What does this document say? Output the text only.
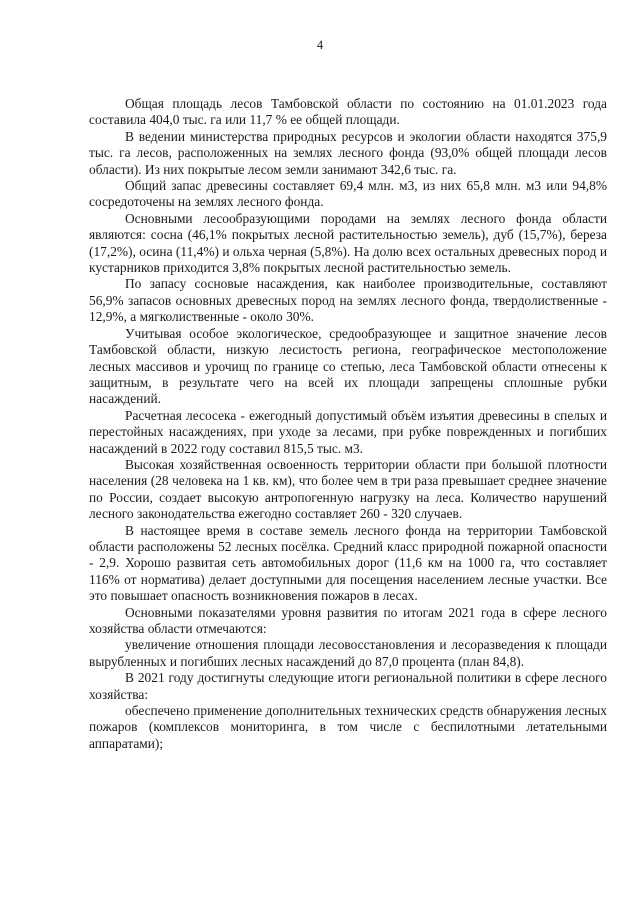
4

Общая площадь лесов Тамбовской области по состоянию на 01.01.2023 года составила 404,0 тыс. га или 11,7 % ее общей площади.

В ведении министерства природных ресурсов и экологии области находятся 375,9 тыс. га лесов, расположенных на землях лесного фонда (93,0% общей площади лесов области). Из них покрытые лесом земли занимают 342,6 тыс. га.

Общий запас древесины составляет 69,4 млн. м3, из них 65,8 млн. м3 или 94,8% сосредоточены на землях лесного фонда.

Основными лесообразующими породами на землях лесного фонда области являются: сосна (46,1% покрытых лесной растительностью земель), дуб (15,7%), береза (17,2%), осина (11,4%) и ольха черная (5,8%). На долю всех остальных древесных пород и кустарников приходится 3,8% покрытых лесной растительностью земель.

По запасу сосновые насаждения, как наиболее производительные, составляют 56,9% запасов основных древесных пород на землях лесного фонда, твердолиственные - 12,9%, а мягколиственные - около 30%.

Учитывая особое экологическое, средообразующее и защитное значение лесов Тамбовской области, низкую лесистость региона, географическое местоположение лесных массивов и урочищ по границе со степью, леса Тамбовской области отнесены к защитным, в результате чего на всей их площади запрещены сплошные рубки насаждений.

Расчетная лесосека - ежегодный допустимый объём изъятия древесины в спелых и перестойных насаждениях, при уходе за лесами, при рубке поврежденных и погибших насаждений в 2022 году составил 815,5 тыс. м3.

Высокая хозяйственная освоенность территории области при большой плотности населения (28 человека на 1 кв. км), что более чем в три раза превышает среднее значение по России, создает высокую антропогенную нагрузку на леса. Количество нарушений лесного законодательства ежегодно составляет 260 - 320 случаев.

В настоящее время в составе земель лесного фонда на территории Тамбовской области расположены 52 лесных посёлка. Средний класс природной пожарной опасности - 2,9. Хорошо развитая сеть автомобильных дорог (11,6 км на 1000 га, что составляет 116% от норматива) делает доступными для посещения населением лесные участки. Все это повышает опасность возникновения пожаров в лесах.

Основными показателями уровня развития по итогам 2021 года в сфере лесного хозяйства области отмечаются:

увеличение отношения площади лесовосстановления и лесоразведения к площади вырубленных и погибших лесных насаждений до 87,0 процента (план 84,8).

В 2021 году достигнуты следующие итоги региональной политики в сфере лесного хозяйства:

обеспечено применение дополнительных технических средств обнаружения лесных пожаров (комплексов мониторинга, в том числе с беспилотными летательными аппаратами);
